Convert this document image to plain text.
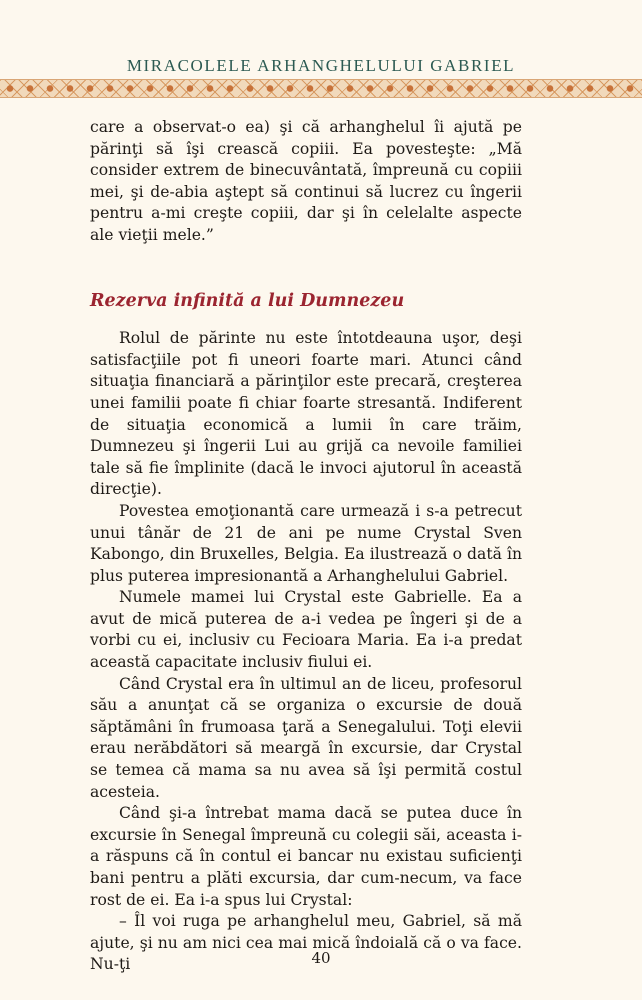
MIRACOLELE ARHANGHELULUI GABRIEL

care a observat-o ea) şi că arhanghelul îi ajută pe părinţi să îşi crească copiii. Ea povesteşte: „Mă consider extrem de binecuvântată, împreună cu copiii mei, şi de-abia aştept să continui să lucrez cu îngerii pentru a-mi creşte copiii, dar şi în celelalte aspecte ale vieţii mele.”

Rezerva infinită a lui Dumnezeu

Rolul de părinte nu este întotdeauna uşor, deşi satisfacţiile pot fi uneori foarte mari. Atunci când situaţia financiară a părinţilor este precară, creşterea unei familii poate fi chiar foarte stresantă. Indiferent de situaţia economică a lumii în care trăim, Dumnezeu şi îngerii Lui au grijă ca nevoile familiei tale să fie împlinite (dacă le invoci ajutorul în această direcţie).

Povestea emoţionantă care urmează i s-a petrecut unui tânăr de 21 de ani pe nume Crystal Sven Kabongo, din Bruxelles, Belgia. Ea ilustrează o dată în plus puterea impresionantă a Arhanghelului Gabriel.

Numele mamei lui Crystal este Gabrielle. Ea a avut de mică puterea de a-i vedea pe îngeri şi de a vorbi cu ei, inclusiv cu Fecioara Maria. Ea i-a predat această capacitate inclusiv fiului ei.

Când Crystal era în ultimul an de liceu, profesorul său a anunţat că se organiza o excursie de două săptămâni în frumoasa ţară a Senegalului. Toţi elevii erau nerăbdători să meargă în excursie, dar Crystal se temea că mama sa nu avea să îşi permită costul acesteia.

Când şi-a întrebat mama dacă se putea duce în excursie în Senegal împreună cu colegii săi, aceasta i-a răspuns că în contul ei bancar nu existau suficienţi bani pentru a plăti excursia, dar cum-necum, va face rost de ei. Ea i-a spus lui Crystal:

– Îl voi ruga pe arhanghelul meu, Gabriel, să mă ajute, şi nu am nici cea mai mică îndoială că o va face. Nu-ţi	40
